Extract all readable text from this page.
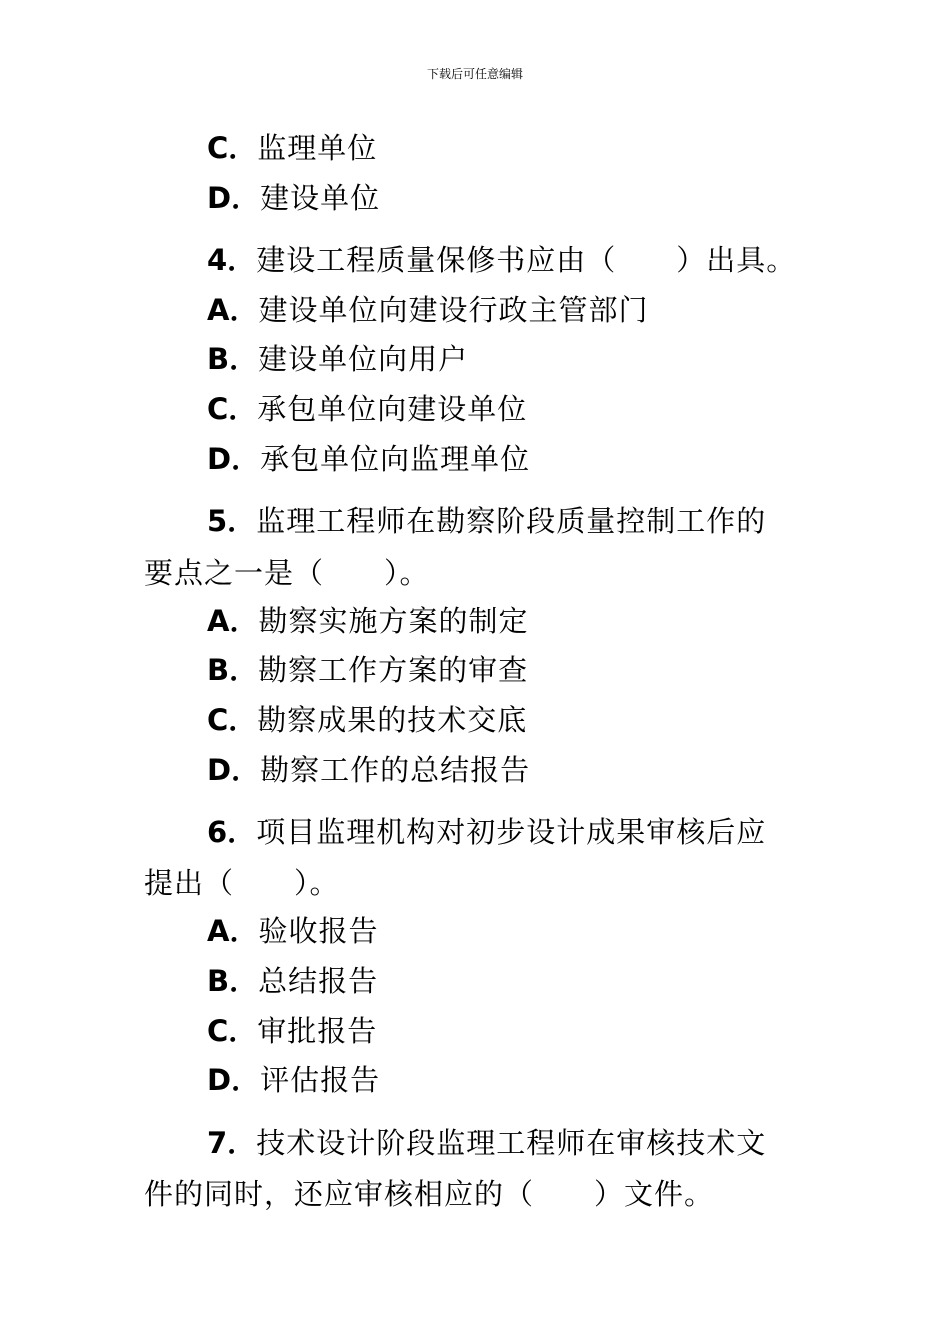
下载后可任意编辑
C．监理单位
D．建设单位
4．建设工程质量保修书应由（　　）出具。
A．建设单位向建设行政主管部门
B．建设单位向用户
C．承包单位向建设单位
D．承包单位向监理单位
5．监理工程师在勘察阶段质量控制工作的
要点之一是（　　）。
A．勘察实施方案的制定
B．勘察工作方案的审查
C．勘察成果的技术交底
D．勘察工作的总结报告
6．项目监理机构对初步设计成果审核后应
提出（　　）。
A．验收报告
B．总结报告
C．审批报告
D．评估报告
7．技术设计阶段监理工程师在审核技术文
件的同时，还应审核相应的（　　）文件。
